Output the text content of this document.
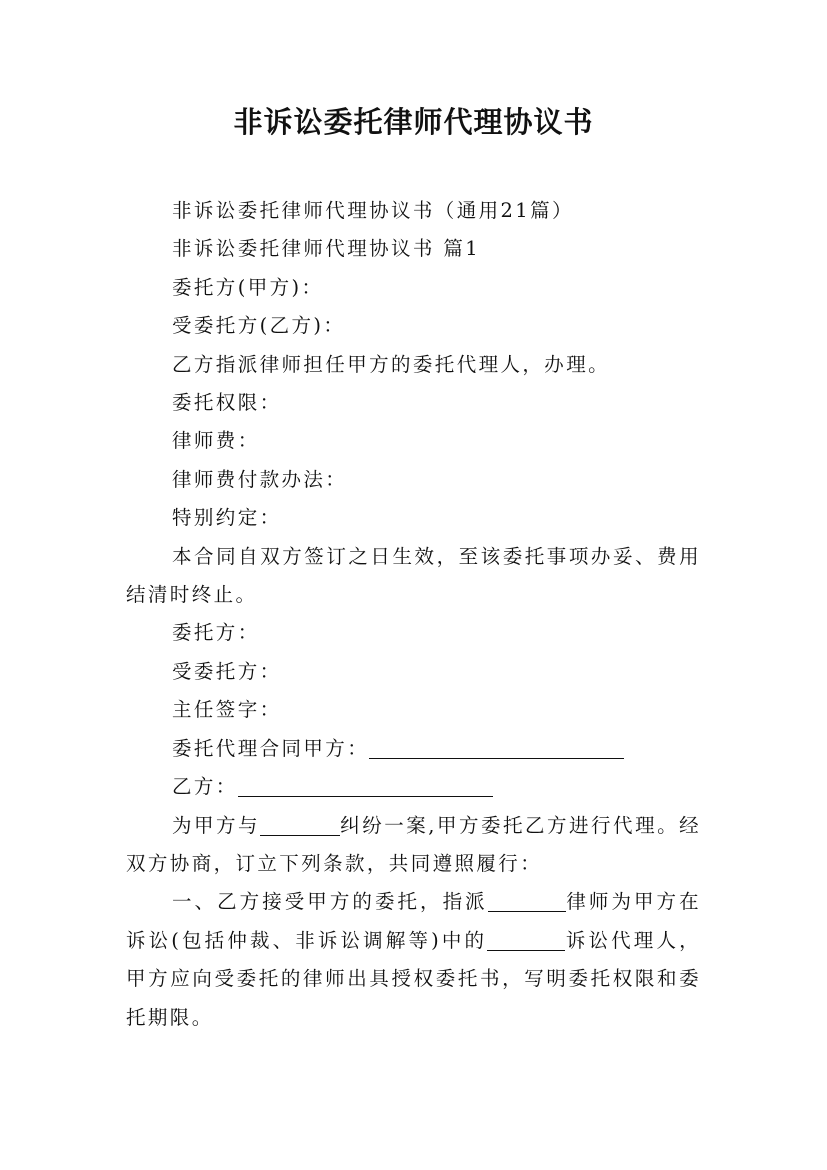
非诉讼委托律师代理协议书

非诉讼委托律师代理协议书（通用21篇）

非诉讼委托律师代理协议书 篇1

委托方(甲方)：

受委托方(乙方)：

乙方指派律师担任甲方的委托代理人，办理。

委托权限：

律师费：

律师费付款办法：

特别约定：

本合同自双方签订之日生效，至该委托事项办妥、费用结清时终止。

委托方：

受委托方：

主任签字：

委托代理合同甲方：

乙方：

为甲方与	纠纷一案,甲方委托乙方进行代理。经双方协商，订立下列条款，共同遵照履行：

一、乙方接受甲方的委托，指派	律师为甲方在诉讼(包括仲裁、非诉讼调解等)中的	诉讼代理人，甲方应向受委托的律师出具授权委托书，写明委托权限和委托期限。
